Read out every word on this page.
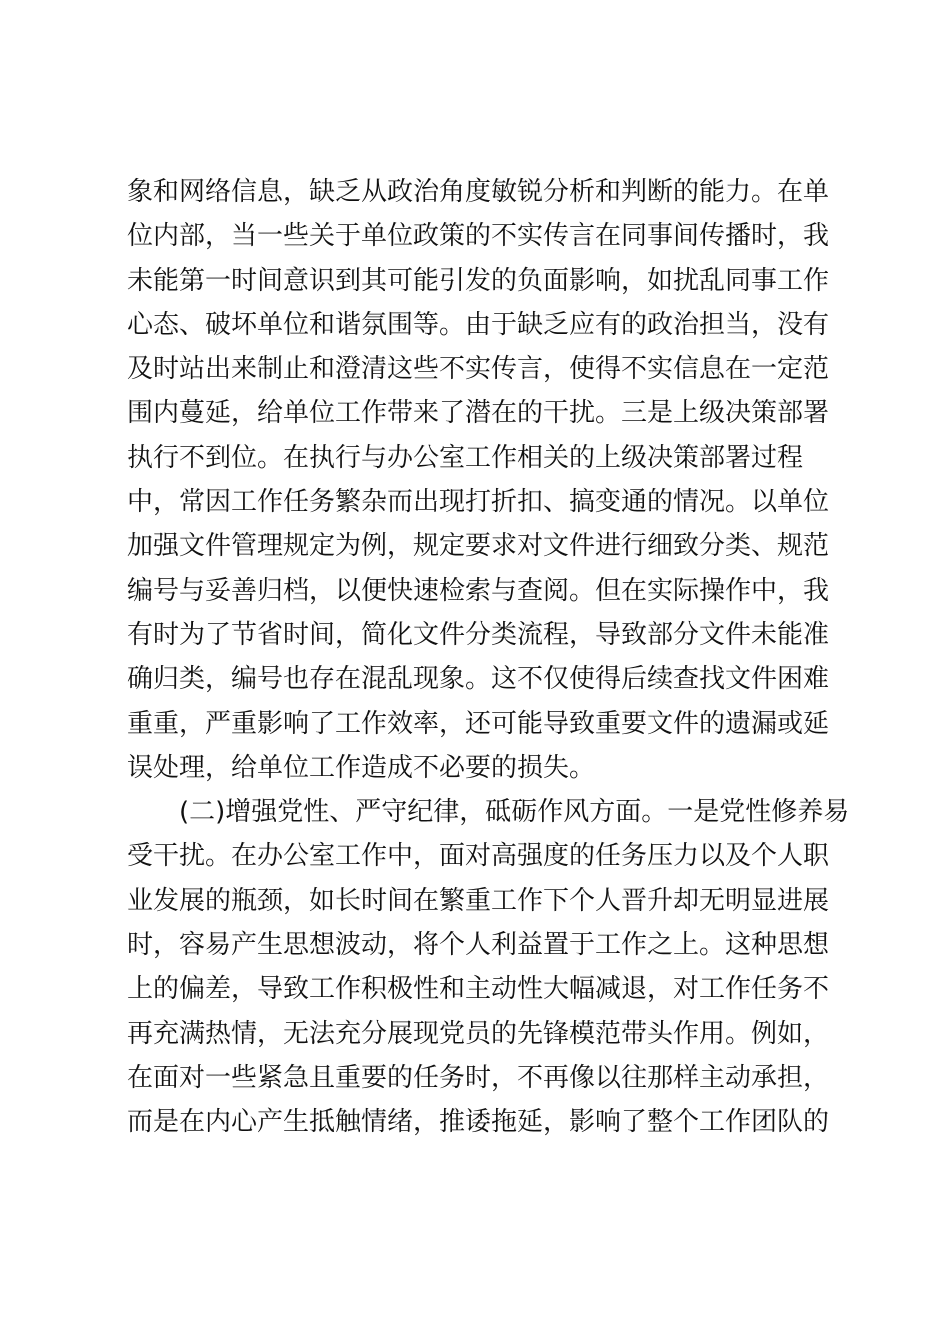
象和网络信息，缺乏从政治角度敏锐分析和判断的能力。在单
位内部，当一些关于单位政策的不实传言在同事间传播时，我
未能第一时间意识到其可能引发的负面影响，如扰乱同事工作
心态、破坏单位和谐氛围等。由于缺乏应有的政治担当，没有
及时站出来制止和澄清这些不实传言，使得不实信息在一定范
围内蔓延，给单位工作带来了潜在的干扰。三是上级决策部署
执行不到位。在执行与办公室工作相关的上级决策部署过程
中，常因工作任务繁杂而出现打折扣、搞变通的情况。以单位
加强文件管理规定为例，规定要求对文件进行细致分类、规范
编号与妥善归档，以便快速检索与查阅。但在实际操作中，我
有时为了节省时间，简化文件分类流程，导致部分文件未能准
确归类，编号也存在混乱现象。这不仅使得后续查找文件困难
重重，严重影响了工作效率，还可能导致重要文件的遗漏或延
误处理，给单位工作造成不必要的损失。
(二)增强党性、严守纪律，砥砺作风方面。一是党性修养易
受干扰。在办公室工作中，面对高强度的任务压力以及个人职
业发展的瓶颈，如长时间在繁重工作下个人晋升却无明显进展
时，容易产生思想波动，将个人利益置于工作之上。这种思想
上的偏差，导致工作积极性和主动性大幅减退，对工作任务不
再充满热情，无法充分展现党员的先锋模范带头作用。例如，
在面对一些紧急且重要的任务时，不再像以往那样主动承担，
而是在内心产生抵触情绪，推诿拖延，影响了整个工作团队的
